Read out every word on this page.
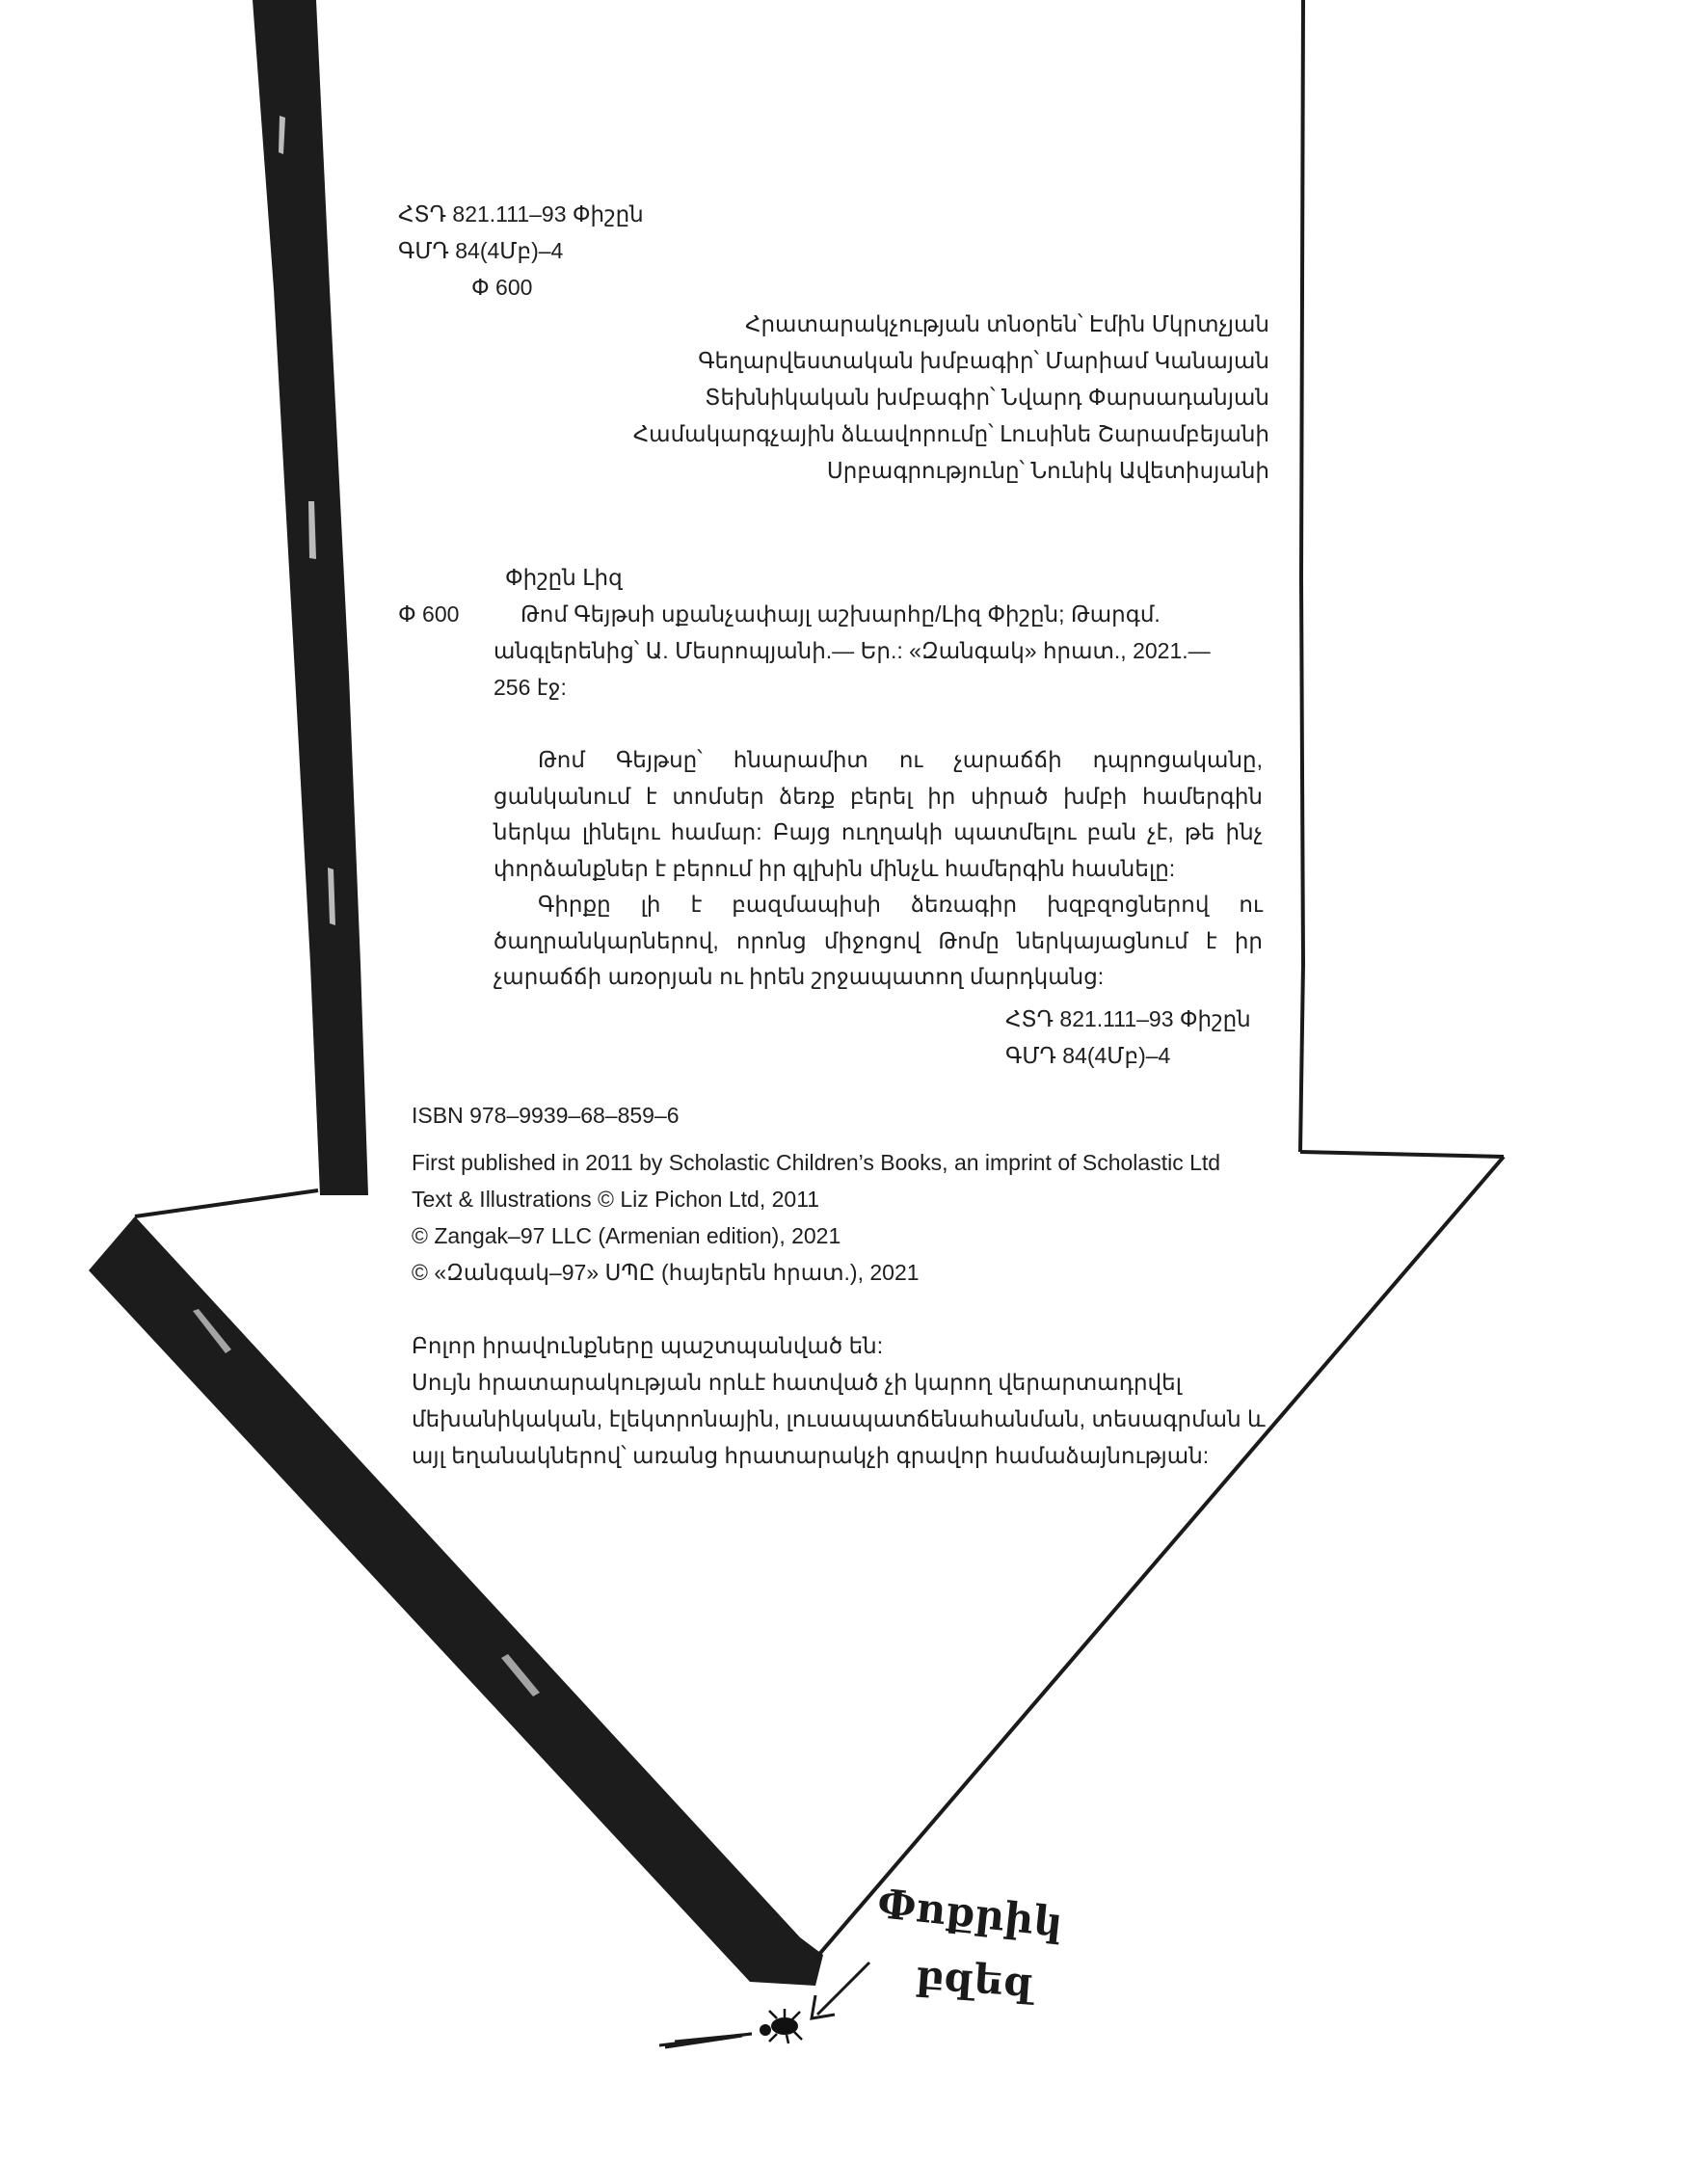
ՀՏԴ 821.111–93 Փիշըն
ԳՄԴ 84(4Մբ)–4
Փ 600
Հրատարակչության տնօրեն՝ Էմին Մկրտչյան
Գեղարվեստական խմբագիր՝ Մարիամ Կանայան
Տեխնիկական խմբագիր՝ Նվարդ Փարսադանյան
Համակարգչային ձևավորումը՝ Լուսինե Շարամբեյանի
Սրբագրությունը՝ Նունիկ Ավետիսյանի
Փիշըն Լիզ
Փ 600	Թոմ Գեյթսի սքանչափայլ աշխարհը/Լիզ Փիշըն; Թարգմ.
անգլերենից՝ Ա. Մեսրոպյանի.— Եր.: «Զանգակ» հրատ., 2021.—
256 էջ:
Թոմ Գեյթսը՝ հնարամիտ ու չարաճճի դպրոցականը,
ցանկանում է տոմսեր ձեռք բերել իր սիրած խմբի համերգին
ներկա լինելու համար: Բայց ուղղակի պատմելու բան չէ, թե ինչ
փորձանքներ է բերում իր գլխին մինչև համերգին հասնելը:
Գիրքը լի է բազմապիսի ձեռագիր խզբզոցներով ու
ծաղրանկարներով, որոնց միջոցով Թոմը ներկայացնում է իր
չարաճճի առօրյան ու իրեն շրջապատող մարդկանց:
ՀՏԴ 821.111–93 Փիշըն
ԳՄԴ 84(4Մբ)–4
ISBN 978–9939–68–859–6
First published in 2011 by Scholastic Children’s Books, an imprint of Scholastic Ltd
Text & Illustrations © Liz Pichon Ltd, 2011
© Zangak–97 LLC (Armenian edition), 2021
© «Զանգակ–97» ՍՊԸ (հայերեն հրատ.), 2021
Բոլոր իրավունքները պաշտպանված են:
Սույն հրատարակության որևէ հատված չի կարող վերարտադրվել
մեխանիկական, էլեկտրոնային, լուսապատճենահանման, տեսագրման և
այլ եղանակներով՝ առանց հրատարակչի գրավոր համաձայնության:
Փոքրիկ
բզեզ
